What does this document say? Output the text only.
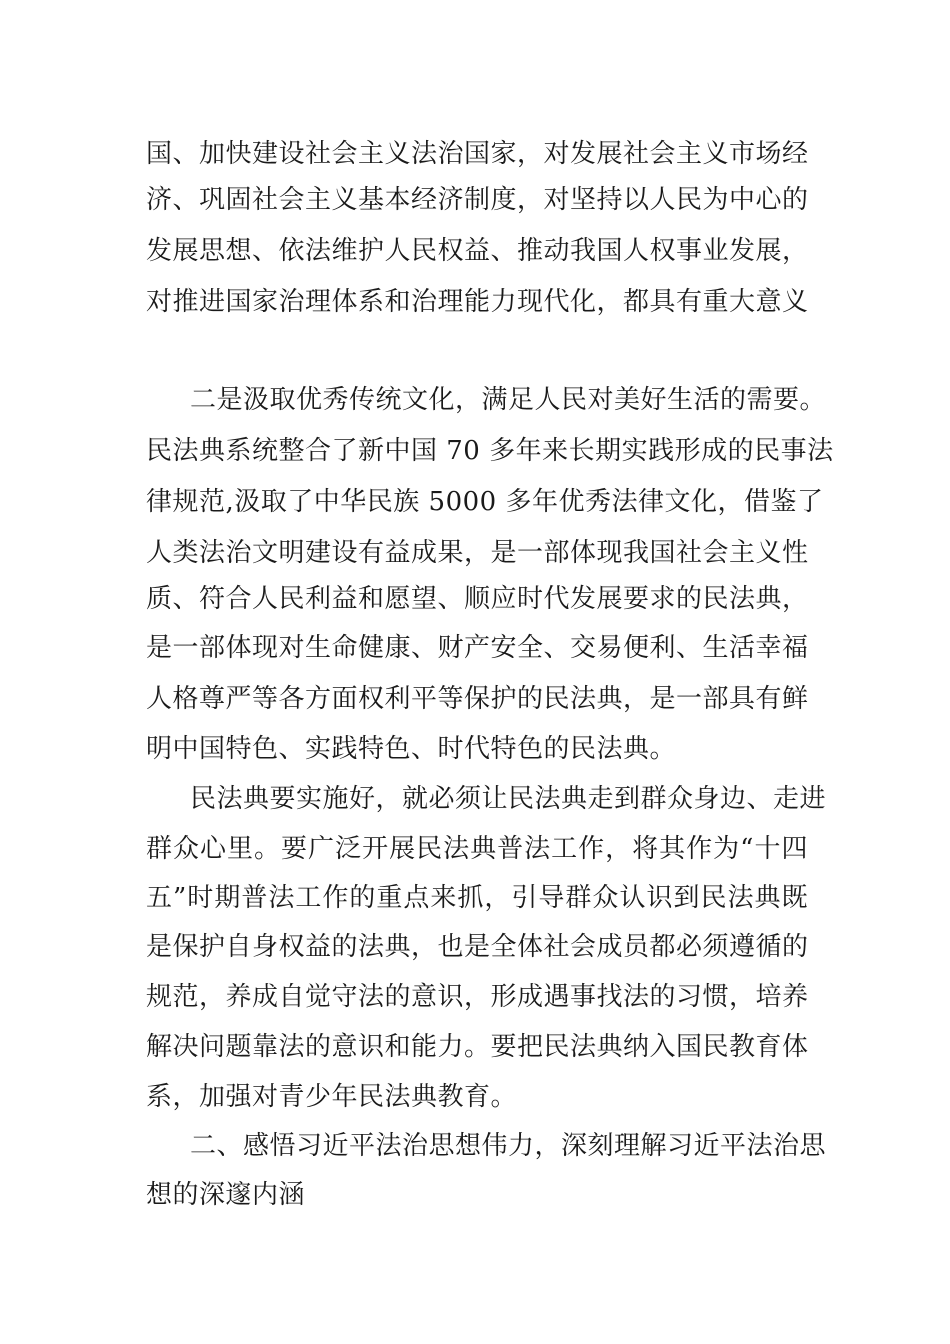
国、加快建设社会主义法治国家，对发展社会主义市场经
济、巩固社会主义基本经济制度，对坚持以人民为中心的
发展思想、依法维护人民权益、推动我国人权事业发展，
对推进国家治理体系和治理能力现代化，都具有重大意义
二是汲取优秀传统文化，满足人民对美好生活的需要。
民法典系统整合了新中国 70 多年来长期实践形成的民事法
律规范,汲取了中华民族 5000 多年优秀法律文化，借鉴了
人类法治文明建设有益成果，是一部体现我国社会主义性
质、符合人民利益和愿望、顺应时代发展要求的民法典，
是一部体现对生命健康、财产安全、交易便利、生活幸福
人格尊严等各方面权利平等保护的民法典，是一部具有鲜
明中国特色、实践特色、时代特色的民法典。
民法典要实施好，就必须让民法典走到群众身边、走进
群众心里。要广泛开展民法典普法工作，将其作为“十四
五”时期普法工作的重点来抓，引导群众认识到民法典既
是保护自身权益的法典，也是全体社会成员都必须遵循的
规范，养成自觉守法的意识，形成遇事找法的习惯，培养
解决问题靠法的意识和能力。要把民法典纳入国民教育体
系，加强对青少年民法典教育。
二、感悟习近平法治思想伟力，深刻理解习近平法治思
想的深邃内涵
